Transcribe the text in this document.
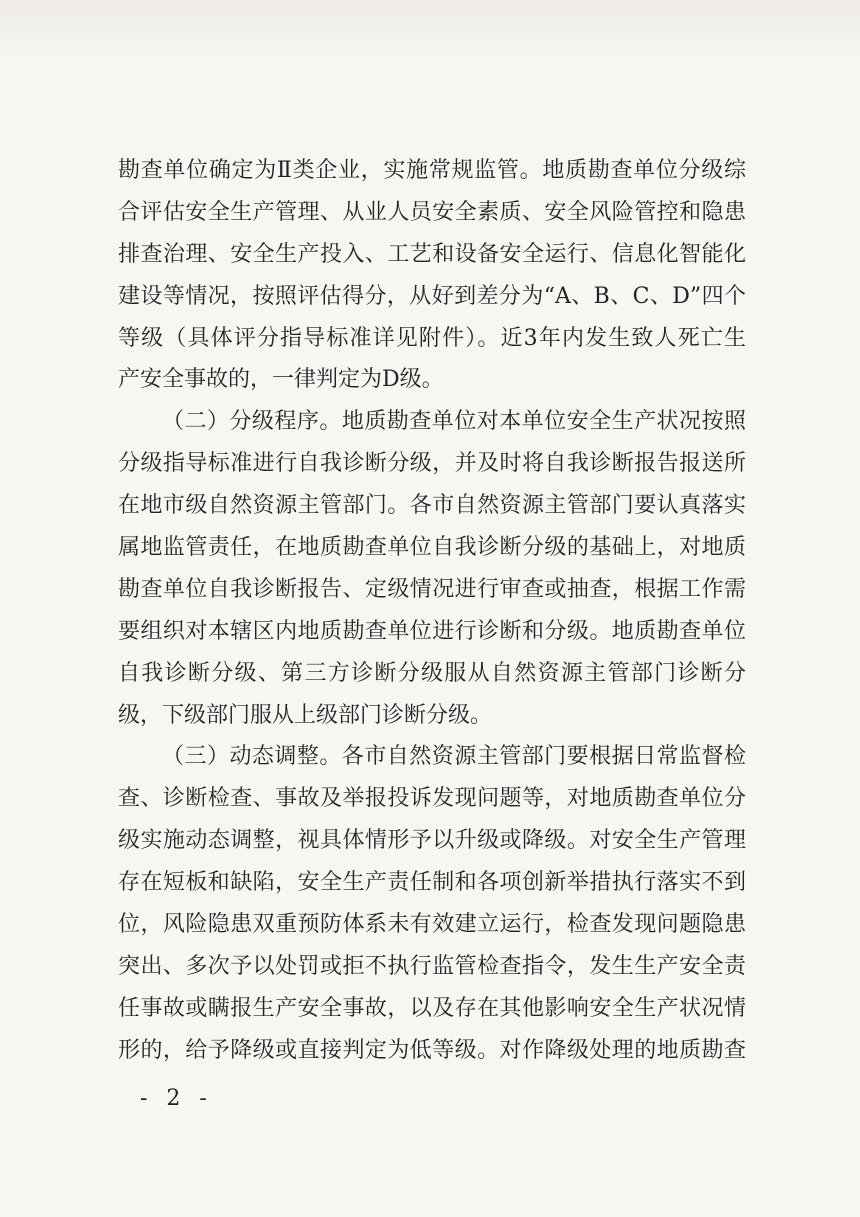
勘查单位确定为Ⅱ类企业，实施常规监管。地质勘查单位分级综
合评估安全生产管理、从业人员安全素质、安全风险管控和隐患
排查治理、安全生产投入、工艺和设备安全运行、信息化智能化
建设等情况，按照评估得分，从好到差分为“A、B、C、D”四个
等级（具体评分指导标准详见附件）。近3年内发生致人死亡生
产安全事故的，一律判定为D级。
（二）分级程序。地质勘查单位对本单位安全生产状况按照
分级指导标准进行自我诊断分级，并及时将自我诊断报告报送所
在地市级自然资源主管部门。各市自然资源主管部门要认真落实
属地监管责任，在地质勘查单位自我诊断分级的基础上，对地质
勘查单位自我诊断报告、定级情况进行审查或抽查，根据工作需
要组织对本辖区内地质勘查单位进行诊断和分级。地质勘查单位
自我诊断分级、第三方诊断分级服从自然资源主管部门诊断分
级，下级部门服从上级部门诊断分级。
（三）动态调整。各市自然资源主管部门要根据日常监督检
查、诊断检查、事故及举报投诉发现问题等，对地质勘查单位分
级实施动态调整，视具体情形予以升级或降级。对安全生产管理
存在短板和缺陷，安全生产责任制和各项创新举措执行落实不到
位，风险隐患双重预防体系未有效建立运行，检查发现问题隐患
突出、多次予以处罚或拒不执行监管检查指令，发生生产安全责
任事故或瞒报生产安全事故，以及存在其他影响安全生产状况情
形的，给予降级或直接判定为低等级。对作降级处理的地质勘查
- 2 -
